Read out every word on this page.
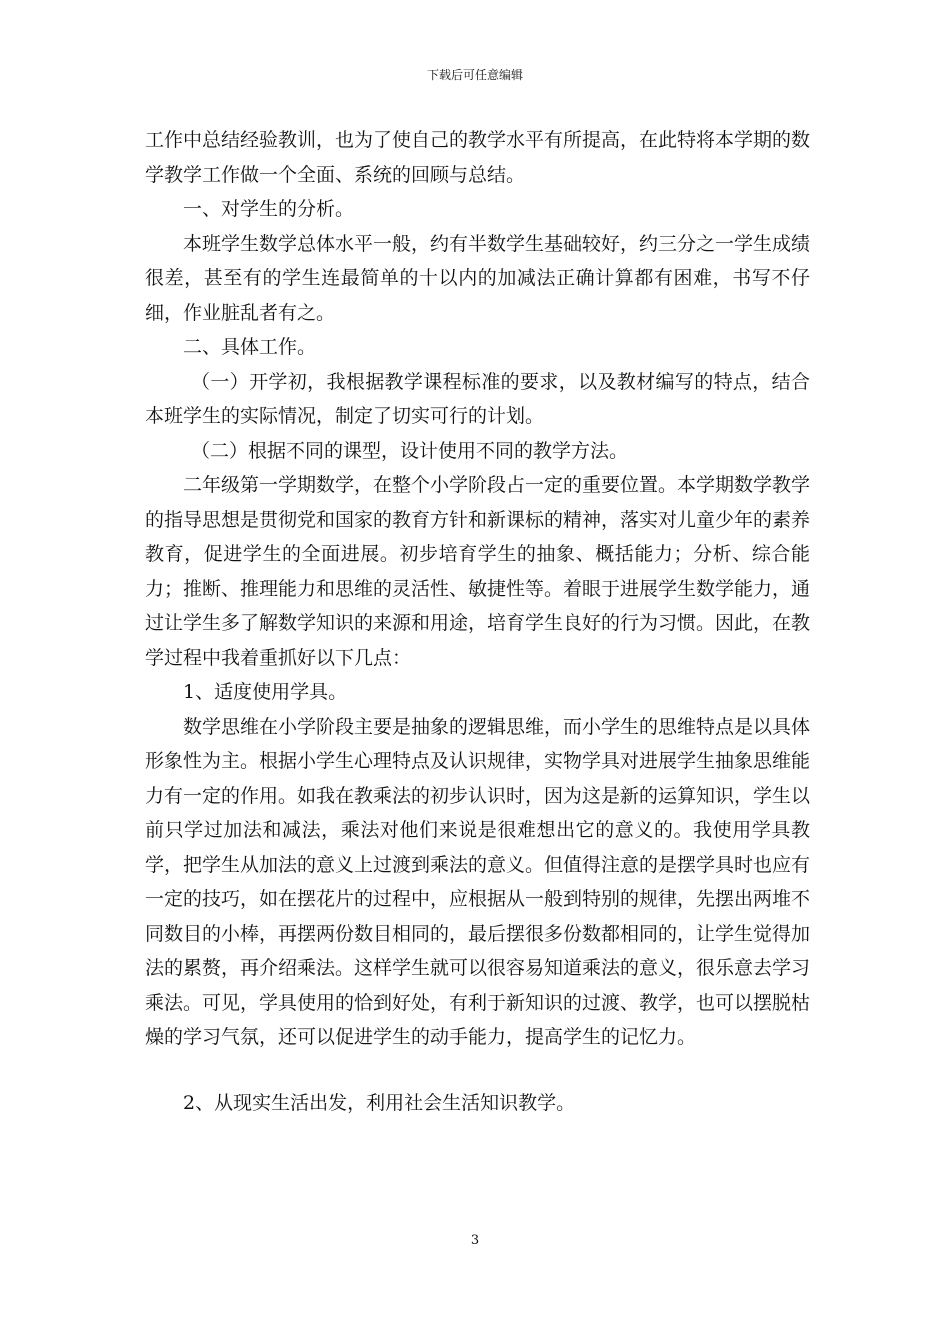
下载后可任意编辑

工作中总结经验教训，也为了使自己的教学水平有所提高，在此特将本学期的数学教学工作做一个全面、系统的回顾与总结。

一、对学生的分析。

本班学生数学总体水平一般，约有半数学生基础较好，约三分之一学生成绩很差，甚至有的学生连最简单的十以内的加减法正确计算都有困难，书写不仔细，作业脏乱者有之。

二、具体工作。

（一）开学初，我根据教学课程标准的要求，以及教材编写的特点，结合本班学生的实际情况，制定了切实可行的计划。

（二）根据不同的课型，设计使用不同的教学方法。

二年级第一学期数学，在整个小学阶段占一定的重要位置。本学期数学教学的指导思想是贯彻党和国家的教育方针和新课标的精神，落实对儿童少年的素养教育，促进学生的全面进展。初步培育学生的抽象、概括能力；分析、综合能力；推断、推理能力和思维的灵活性、敏捷性等。着眼于进展学生数学能力，通过让学生多了解数学知识的来源和用途，培育学生良好的行为习惯。因此，在教学过程中我着重抓好以下几点：

1、适度使用学具。

数学思维在小学阶段主要是抽象的逻辑思维，而小学生的思维特点是以具体形象性为主。根据小学生心理特点及认识规律，实物学具对进展学生抽象思维能力有一定的作用。如我在教乘法的初步认识时，因为这是新的运算知识，学生以前只学过加法和减法，乘法对他们来说是很难想出它的意义的。我使用学具教学，把学生从加法的意义上过渡到乘法的意义。但值得注意的是摆学具时也应有一定的技巧，如在摆花片的过程中，应根据从一般到特别的规律，先摆出两堆不同数目的小棒，再摆两份数目相同的，最后摆很多份数都相同的，让学生觉得加法的累赘，再介绍乘法。这样学生就可以很容易知道乘法的意义，很乐意去学习乘法。可见，学具使用的恰到好处，有利于新知识的过渡、教学，也可以摆脱枯燥的学习气氛，还可以促进学生的动手能力，提高学生的记忆力。

2、从现实生活出发，利用社会生活知识教学。

3
